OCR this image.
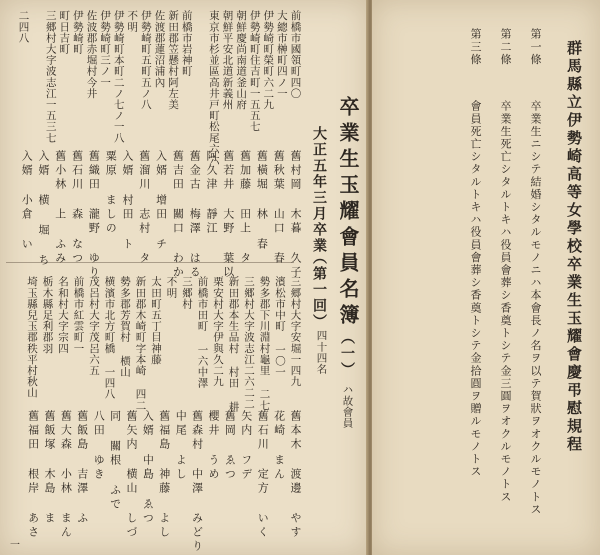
群馬縣立伊勢崎高等女學校卒業生玉耀會慶弔慰規程
第一條
卒業生ニシテ結婚シタルモノニハ本會長ノ名ヲ以テ賀狀ヲオクルモノトス
第二條
卒業生死亡シタルトキハ役員會葬シ香奠トシテ金三圓ヲオクルモノトス
第三條
會員死亡シタルトキハ役員會葬シ香奠トシテ金拾圓ヲ贈ルモノトス
卒業生玉耀會員名簿
（一）
ハ故會員
大正五年三月卒業
（第一回）
四十四名
前橋市國領町四〇
大總市榊町四ノ一
伊勢崎町榮町六二九
伊勢崎町住吉町一五五七
朝鮮慶尚南道釜山府
朝鮮平安北道新義州
東京市杉並區高井戸町松尾六六
前橋市岩神町
新田郡笠懸村阿左美
佐渡郡蓮沼浦內
伊勢崎町五町五ノ八
不明
伊勢崎町本町二ノ七ノ一八
伊勢崎町三ノ一
佐波郡赤堀村今井
伊勢崎町
町日吉町
三郷村大字波志江一五三七
二四八
舊村岡 木暮 久子
舊秋葉 山口 春
舊橫堀 林 春
舊加藤 田上 タ
舊若井 大野 葉以
阿久津 靜江
舊金古 梅澤 はる
舊吉田 關口 わか
入婿 增田 チ
舊溜川 志村 タ
入婿 村田 ト
粟原 ましの
舊織田 瀧野 ゆり
舊石川 森 なつ
舊小林 上 ふみ
入婿 横 堀 ち
入婿 小倉 い
三郷村大字安堀一四九
濱松市中町 一〇一
勢多郡下川淵村龜里 二七
三郷村大字波志江二六二二
新田郡本生品村 村田 耕
栗安村大字伊與久二九
前橋市田町 一六中澤
三郷村
不明
太田町五丁目神藤
新田郡木崎町字本崎 四二
勢多郡芳賀村 横山
横濱市北方町橋 一四八
茂呂村大字茂呂六五
前橋市紅雲町一
名和村大字宗四
栃木縣足利郡羽
埼玉縣兒玉郡秩平村秋山
舊本木 渡邊 やす
花崎 まん
舊石川 定方 いく
矢内 フデ
舊岡 ゑつ
櫻井 うめ
舊森村 中澤 みどり
中尾 よし
舊福島 神藤 よし
入婿 中島 ゑつ
舊矢内 横山 しづ
同 關根 ふで
八田 ゆき
舊飯島 吉澤 ふ
舊大森 小林 まん
舊飯塚 木島 ま
舊福田 根岸 あさ
一
